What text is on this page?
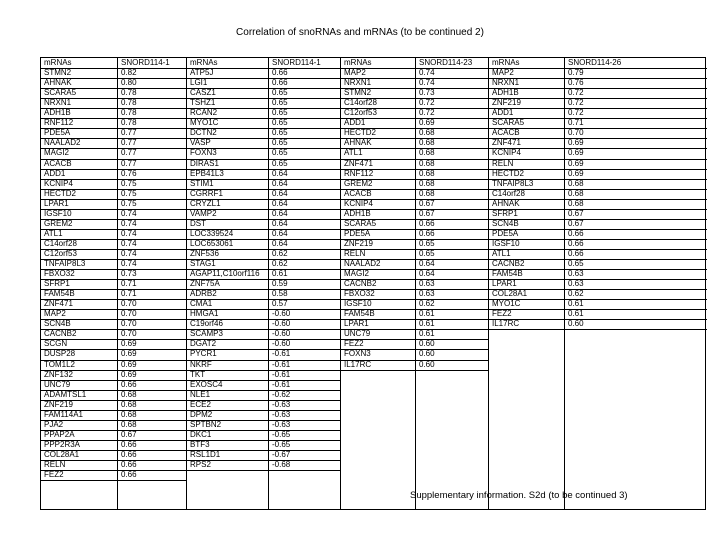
Correlation of snoRNAs and mRNAs (to be continued 2)
mRNAs	SNORD114-1
STMN2	0.82
AHNAK	0.80
SCARA5	0.78
NRXN1	0.78
ADH1B	0.78
RNF112	0.78
PDE5A	0.77
NAALAD2	0.77
MAGI2	0.77
ACACB	0.77
ADD1	0.76
KCNIP4	0.75
HECTD2	0.75
LPAR1	0.75
IGSF10	0.74
GREM2	0.74
ATL1	0.74
C14orf28	0.74
C12orf53	0.74
TNFAIP8L3	0.74
FBXO32	0.73
SFRP1	0.71
FAM54B	0.71
ZNF471	0.70
MAP2	0.70
SCN4B	0.70
CACNB2	0.70
SCGN	0.69
DUSP28	0.69
TOM1L2	0.69
ZNF132	0.69
UNC79	0.66
ADAMTSL1	0.68
ZNF219	0.68
FAM114A1	0.68
PJA2	0.68
PPAP2A	0.67
PPP2R3A	0.66
COL28A1	0.66
RELN	0.66
FEZ2	0.66
mRNAs	SNORD114-1
ATP5J	0.66
LGI1	0.66
CASZ1	0.65
TSHZ1	0.65
RCAN2	0.65
MYO1C	0.65
DCTN2	0.65
VASP	0.65
FOXN3	0.65
DIRAS1	0.65
EPB41L3	0.64
STIM1	0.64
CGRRF1	0.64
CRYZL1	0.64
VAMP2	0.64
DST	0.64
LOC339524	0.64
LOC653061	0.64
ZNF536	0.62
STAG1	0.62
AGAP11,C10orf116	0.61
ZNF75A	0.59
ADRB2	0.58
CMA1	0.57
HMGA1	-0.60
C19orf46	-0.60
SCAMP3	-0.60
DGAT2	-0.60
PYCR1	-0.61
NKRF	-0.61
TKT	-0.61
EXOSC4	-0.61
NLE1	-0.62
ECE2	-0.63
DPM2	-0.63
SPTBN2	-0.63
DKC1	-0.65
BTF3	-0.65
RSL1D1	-0.67
RPS2	-0.68
mRNAs	SNORD114-23
MAP2	0.74
NRXN1	0.74
STMN2	0.73
C14orf28	0.72
C12orf53	0.72
ADD1	0.69
HECTD2	0.68
AHNAK	0.68
ATL1	0.68
ZNF471	0.68
RNF112	0.68
GREM2	0.68
ACACB	0.68
KCNIP4	0.67
ADH1B	0.67
SCARA5	0.66
PDE5A	0.66
ZNF219	0.65
RELN	0.65
NAALAD2	0.64
MAGI2	0.64
CACNB2	0.63
FBXO32	0.63
IGSF10	0.62
FAM54B	0.61
LPAR1	0.61
UNC79	0.61
FEZ2	0.60
FOXN3	0.60
IL17RC	0.60
mRNAs	SNORD114-26
MAP2	0.79
NRXN1	0.76
ADH1B	0.72
ZNF219	0.72
ADD1	0.72
SCARA5	0.71
ACACB	0.70
ZNF471	0.69
KCNIP4	0.69
RELN	0.69
HECTD2	0.69
TNFAIP8L3	0.68
C14orf28	0.68
AHNAK	0.68
SFRP1	0.67
SCN4B	0.67
PDE5A	0.66
IGSF10	0.66
ATL1	0.66
CACNB2	0.65
FAM54B	0.63
LPAR1	0.63
COL28A1	0.62
MYO1C	0.61
FEZ2	0.61
IL17RC	0.60
Supplementary information. S2d (to be continued 3)
